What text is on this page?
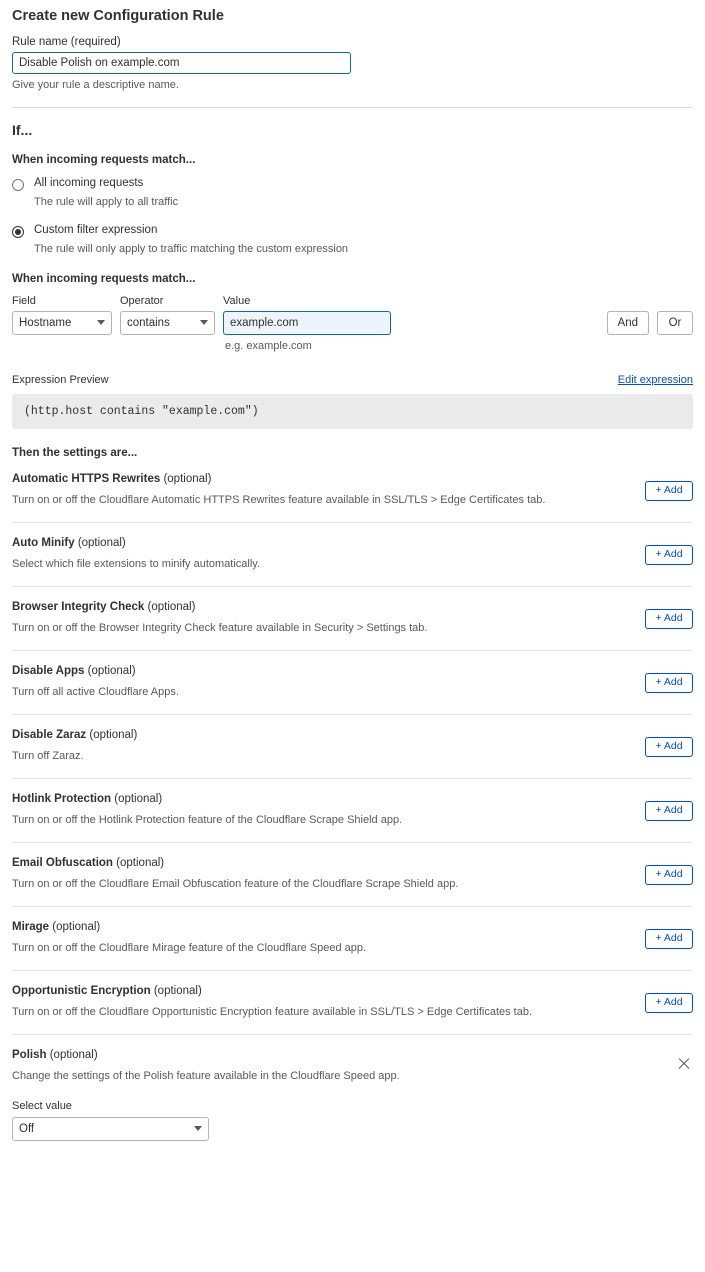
Create new Configuration Rule
Rule name (required)
Disable Polish on example.com
Give your rule a descriptive name.
If...
When incoming requests match...
All incoming requests
The rule will apply to all traffic
Custom filter expression
The rule will only apply to traffic matching the custom expression
When incoming requests match...
Field
Hostname
Operator
contains
Value
example.com
And	Or
e.g. example.com
Expression Preview	Edit expression
(http.host contains "example.com")
Then the settings are...
Automatic HTTPS Rewrites (optional)
Turn on or off the Cloudflare Automatic HTTPS Rewrites feature available in SSL/TLS > Edge Certificates tab.
+ Add
Auto Minify (optional)
Select which file extensions to minify automatically.
+ Add
Browser Integrity Check (optional)
Turn on or off the Browser Integrity Check feature available in Security > Settings tab.
+ Add
Disable Apps (optional)
Turn off all active Cloudflare Apps.
+ Add
Disable Zaraz (optional)
Turn off Zaraz.
+ Add
Hotlink Protection (optional)
Turn on or off the Hotlink Protection feature of the Cloudflare Scrape Shield app.
+ Add
Email Obfuscation (optional)
Turn on or off the Cloudflare Email Obfuscation feature of the Cloudflare Scrape Shield app.
+ Add
Mirage (optional)
Turn on or off the Cloudflare Mirage feature of the Cloudflare Speed app.
+ Add
Opportunistic Encryption (optional)
Turn on or off the Cloudflare Opportunistic Encryption feature available in SSL/TLS > Edge Certificates tab.
+ Add
Polish (optional)
Change the settings of the Polish feature available in the Cloudflare Speed app.
Select value
Off
